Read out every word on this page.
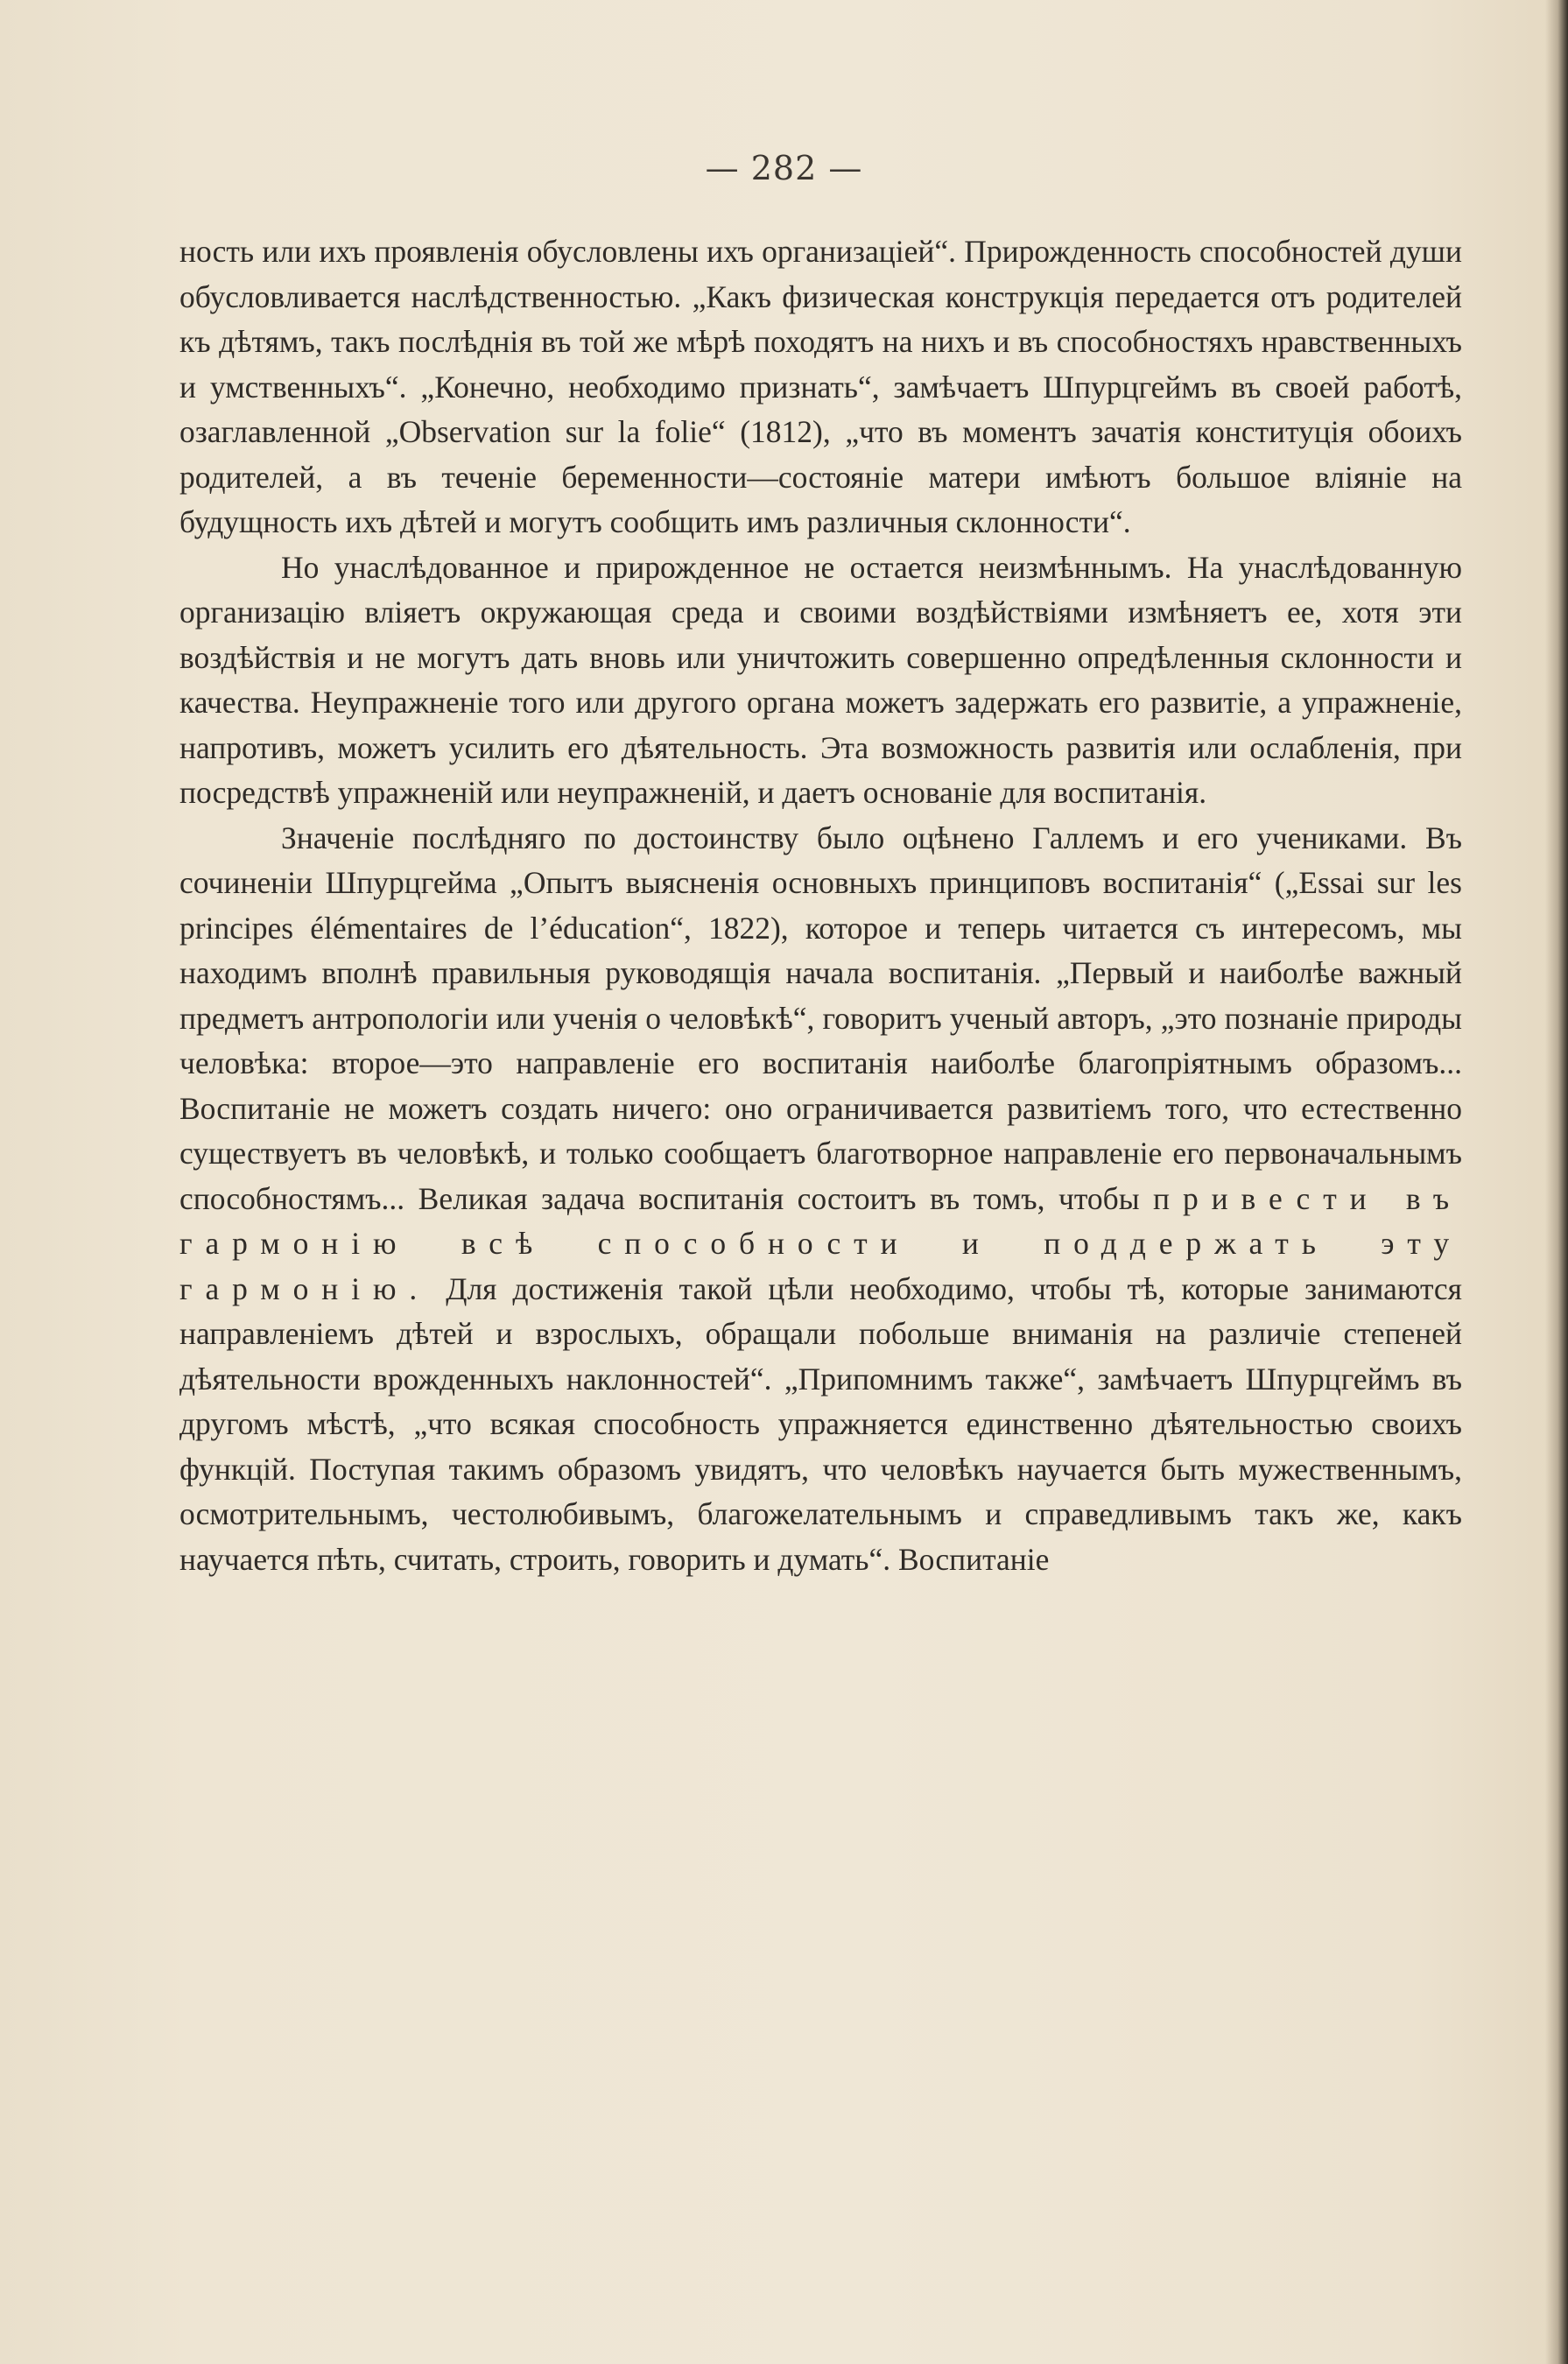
— 282 —

ность или ихъ проявленія обусловлены ихъ организаціей“. Прирожденность способностей души обусловливается наслѣдственностью. „Какъ физическая конструкція передается отъ родителей къ дѣтямъ, такъ послѣднія въ той же мѣрѣ походятъ на нихъ и въ способностяхъ нравственныхъ и умственныхъ“. „Конечно, необходимо признать“, замѣчаетъ Шпурцгеймъ въ своей работѣ, озаглавленной „Observation sur la folie“ (1812), „что въ моментъ зачатія конституція обоихъ родителей, а въ теченіе беременности—состояніе матери имѣютъ большое вліяніе на будущность ихъ дѣтей и могутъ сообщить имъ различныя склонности“.

Но унаслѣдованное и прирожденное не остается неизмѣннымъ. На унаслѣдованную организацію вліяетъ окружающая среда и своими воздѣйствіями измѣняетъ ее, хотя эти воздѣйствія и не могутъ дать вновь или уничтожить совершенно опредѣленныя склонности и качества. Неупражненіе того или другого органа можетъ задержать его развитіе, а упражненіе, напротивъ, можетъ усилить его дѣятельность. Эта возможность развитія или ослабленія, при посредствѣ упражненій или неупражненій, и даетъ основаніе для воспитанія.

Значеніе послѣдняго по достоинству было оцѣнено Галлемъ и его учениками. Въ сочиненіи Шпурцгейма „Опытъ выясненія основныхъ принциповъ воспитанія“ („Essai sur les principes élémentaires de l’éducation“, 1822), которое и теперь читается съ интересомъ, мы находимъ вполнѣ правильныя руководящія начала воспитанія. „Первый и наиболѣе важный предметъ антропологіи или ученія о человѣкѣ“, говоритъ ученый авторъ, „это познаніе природы человѣка: второе—это направленіе его воспитанія наиболѣе благопріятнымъ образомъ... Воспитаніе не можетъ создать ничего: оно ограничивается развитіемъ того, что естественно существуетъ въ человѣкѣ, и только сообщаетъ благотворное направленіе его первоначальнымъ способностямъ... Великая задача воспитанія состоитъ въ томъ, чтобы привести въ гармонію всѣ способности и поддержать эту гармонію. Для достиженія такой цѣли необходимо, чтобы тѣ, которые занимаются направленіемъ дѣтей и взрослыхъ, обращали побольше вниманія на различіе степеней дѣятельности врожденныхъ наклонностей“. „Припомнимъ также“, замѣчаетъ Шпурцгеймъ въ другомъ мѣстѣ, „что всякая способность упражняется единственно дѣятельностью своихъ функцій. Поступая такимъ образомъ увидятъ, что человѣкъ научается быть мужественнымъ, осмотрительнымъ, честолюбивымъ, благожелательнымъ и справедливымъ такъ же, какъ научается пѣть, считать, строить, говорить и думать“. Воспитаніе
